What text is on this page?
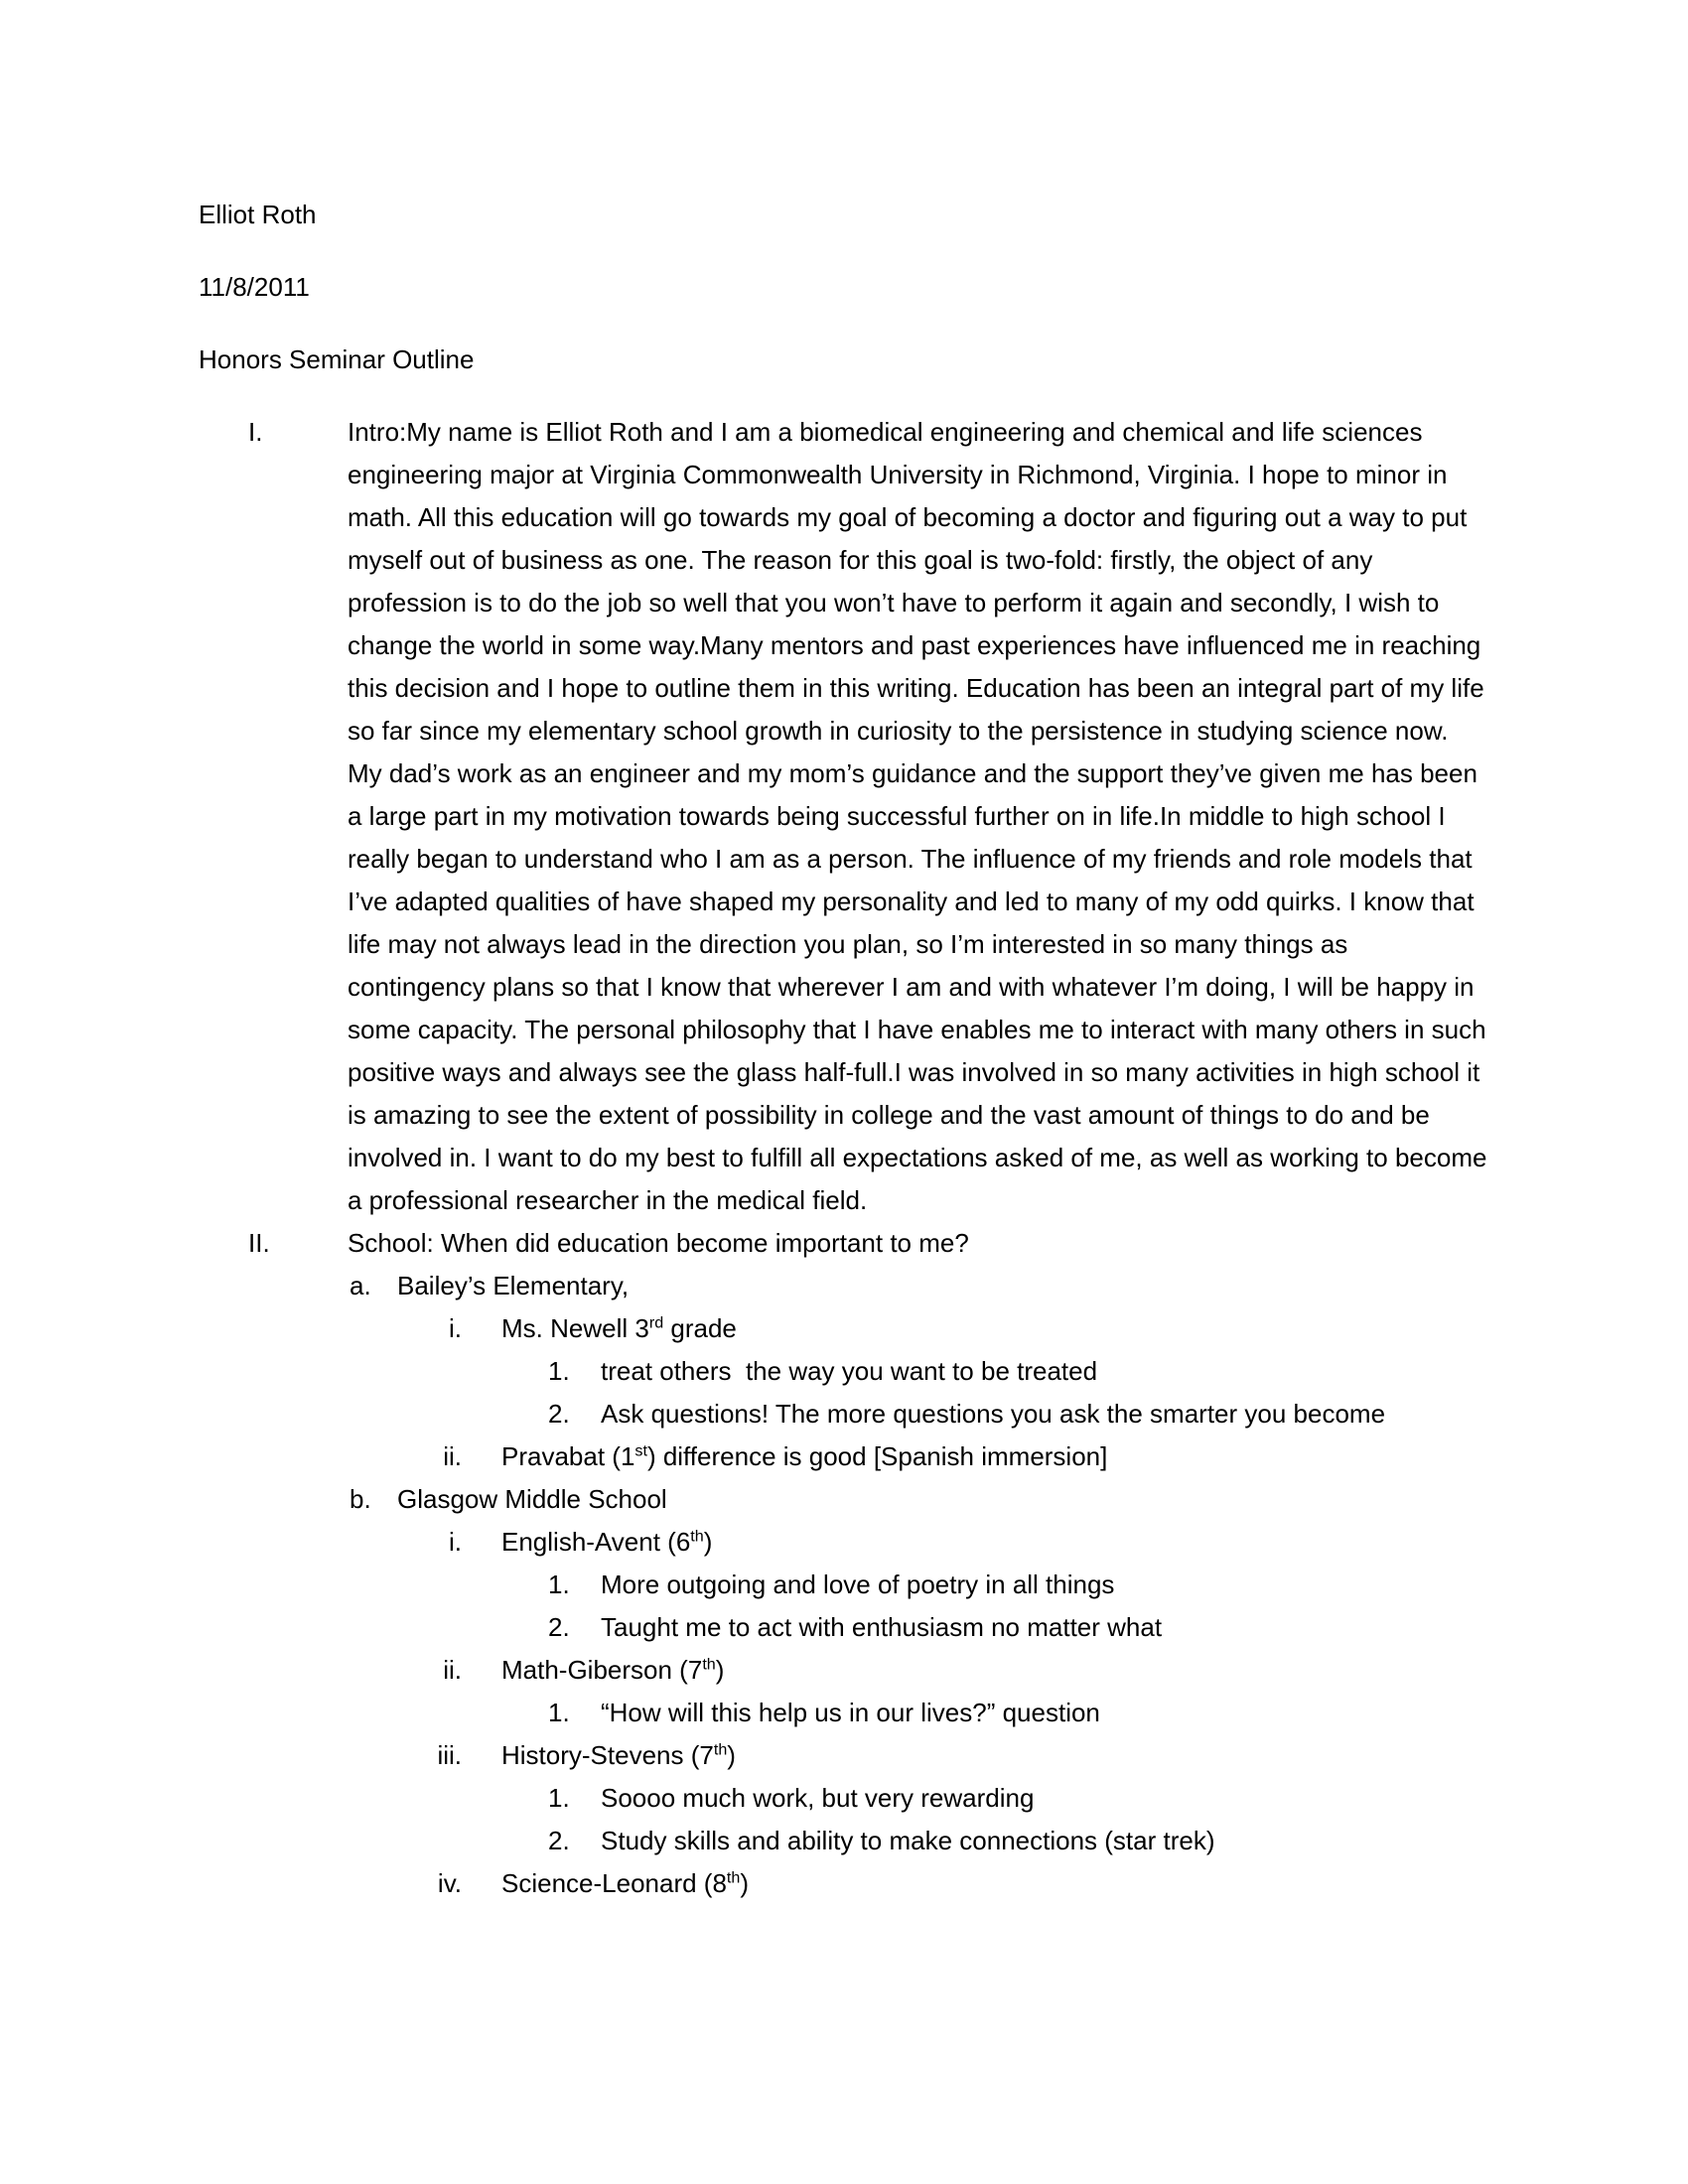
Elliot Roth

11/8/2011

Honors Seminar Outline

I.	Intro:My name is Elliot Roth and I am a biomedical engineering and chemical and life sciences engineering major at Virginia Commonwealth University in Richmond, Virginia. I hope to minor in math. All this education will go towards my goal of becoming a doctor and figuring out a way to put myself out of business as one. The reason for this goal is two-fold: firstly, the object of any profession is to do the job so well that you won’t have to perform it again and secondly, I wish to change the world in some way.Many mentors and past experiences have influenced me in reaching this decision and I hope to outline them in this writing. Education has been an integral part of my life so far since my elementary school growth in curiosity to the persistence in studying science now. My dad’s work as an engineer and my mom’s guidance and the support they’ve given me has been a large part in my motivation towards being successful further on in life.In middle to high school I really began to understand who I am as a person. The influence of my friends and role models that I’ve adapted qualities of have shaped my personality and led to many of my odd quirks. I know that life may not always lead in the direction you plan, so I’m interested in so many things as contingency plans so that I know that wherever I am and with whatever I’m doing, I will be happy in some capacity. The personal philosophy that I have enables me to interact with many others in such positive ways and always see the glass half-full.I was involved in so many activities in high school it is amazing to see the extent of possibility in college and the vast amount of things to do and be involved in. I want to do my best to fulfill all expectations asked of me, as well as working to become a professional researcher in the medical field.
II.	School: When did education become important to me?
a.	Bailey’s Elementary,
i. Ms. Newell 3rd grade
1.	treat others  the way you want to be treated
2.	Ask questions! The more questions you ask the smarter you become
ii. Pravabat (1st) difference is good [Spanish immersion]
b.	Glasgow Middle School
i. English-Avent (6th)
1.	More outgoing and love of poetry in all things
2.	Taught me to act with enthusiasm no matter what
ii. Math-Giberson (7th)
1.	“How will this help us in our lives?” question
iii. History-Stevens (7th)
1.	Soooo much work, but very rewarding
2.	Study skills and ability to make connections (star trek)
iv. Science-Leonard (8th)
